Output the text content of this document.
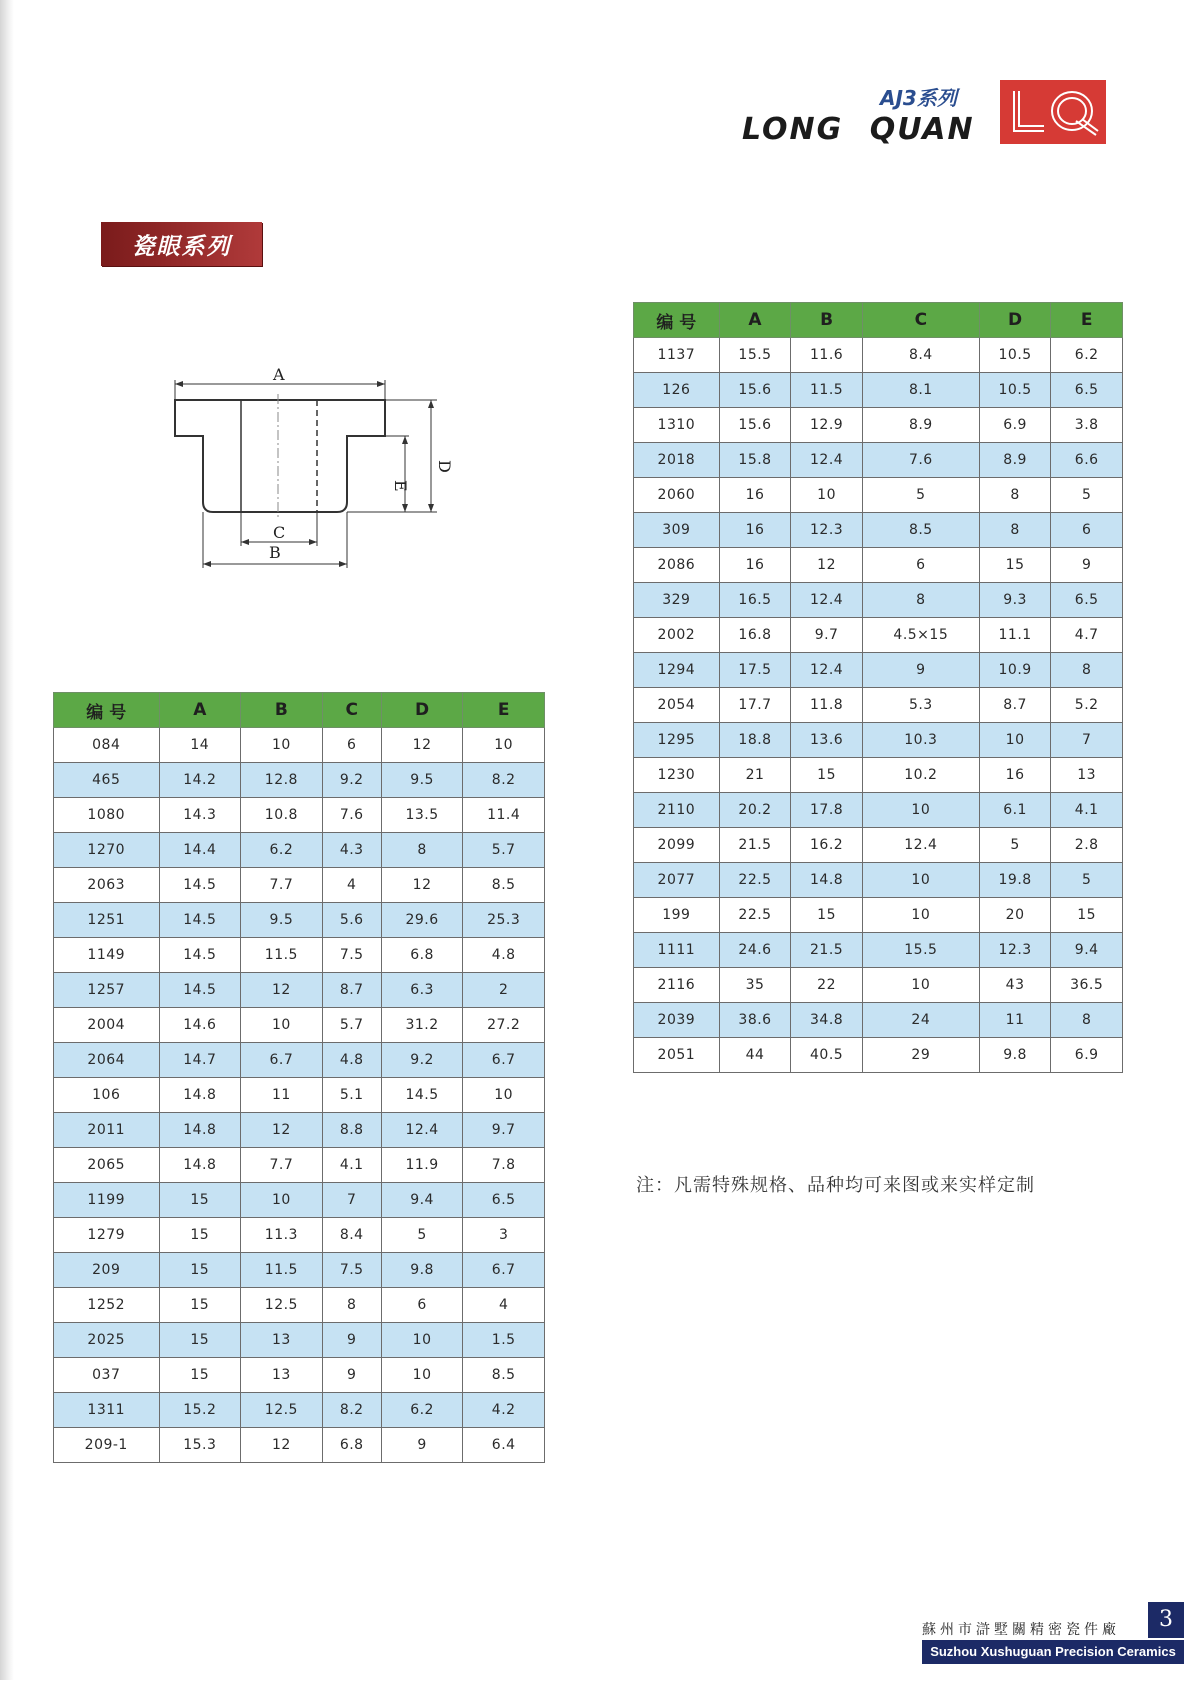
AJ3系列
LONG QUAN
瓷眼系列
A
B
C
D
E
编 号	A	B	C	D	E
084	14	10	6	12	10
465	14.2	12.8	9.2	9.5	8.2
1080	14.3	10.8	7.6	13.5	11.4
1270	14.4	6.2	4.3	8	5.7
2063	14.5	7.7	4	12	8.5
1251	14.5	9.5	5.6	29.6	25.3
1149	14.5	11.5	7.5	6.8	4.8
1257	14.5	12	8.7	6.3	2
2004	14.6	10	5.7	31.2	27.2
2064	14.7	6.7	4.8	9.2	6.7
106	14.8	11	5.1	14.5	10
2011	14.8	12	8.8	12.4	9.7
2065	14.8	7.7	4.1	11.9	7.8
1199	15	10	7	9.4	6.5
1279	15	11.3	8.4	5	3
209	15	11.5	7.5	9.8	6.7
1252	15	12.5	8	6	4
2025	15	13	9	10	1.5
037	15	13	9	10	8.5
1311	15.2	12.5	8.2	6.2	4.2
209-1	15.3	12	6.8	9	6.4
编 号	A	B	C	D	E
1137	15.5	11.6	8.4	10.5	6.2
126	15.6	11.5	8.1	10.5	6.5
1310	15.6	12.9	8.9	6.9	3.8
2018	15.8	12.4	7.6	8.9	6.6
2060	16	10	5	8	5
309	16	12.3	8.5	8	6
2086	16	12	6	15	9
329	16.5	12.4	8	9.3	6.5
2002	16.8	9.7	4.5×15	11.1	4.7
1294	17.5	12.4	9	10.9	8
2054	17.7	11.8	5.3	8.7	5.2
1295	18.8	13.6	10.3	10	7
1230	21	15	10.2	16	13
2110	20.2	17.8	10	6.1	4.1
2099	21.5	16.2	12.4	5	2.8
2077	22.5	14.8	10	19.8	5
199	22.5	15	10	20	15
1111	24.6	21.5	15.5	12.3	9.4
2116	35	22	10	43	36.5
2039	38.6	34.8	24	11	8
2051	44	40.5	29	9.8	6.9
注：凡需特殊规格、品种均可来图或来实样定制
蘇州市滸墅關精密瓷件廠
Suzhou Xushuguan Precision Ceramics Factory
3
